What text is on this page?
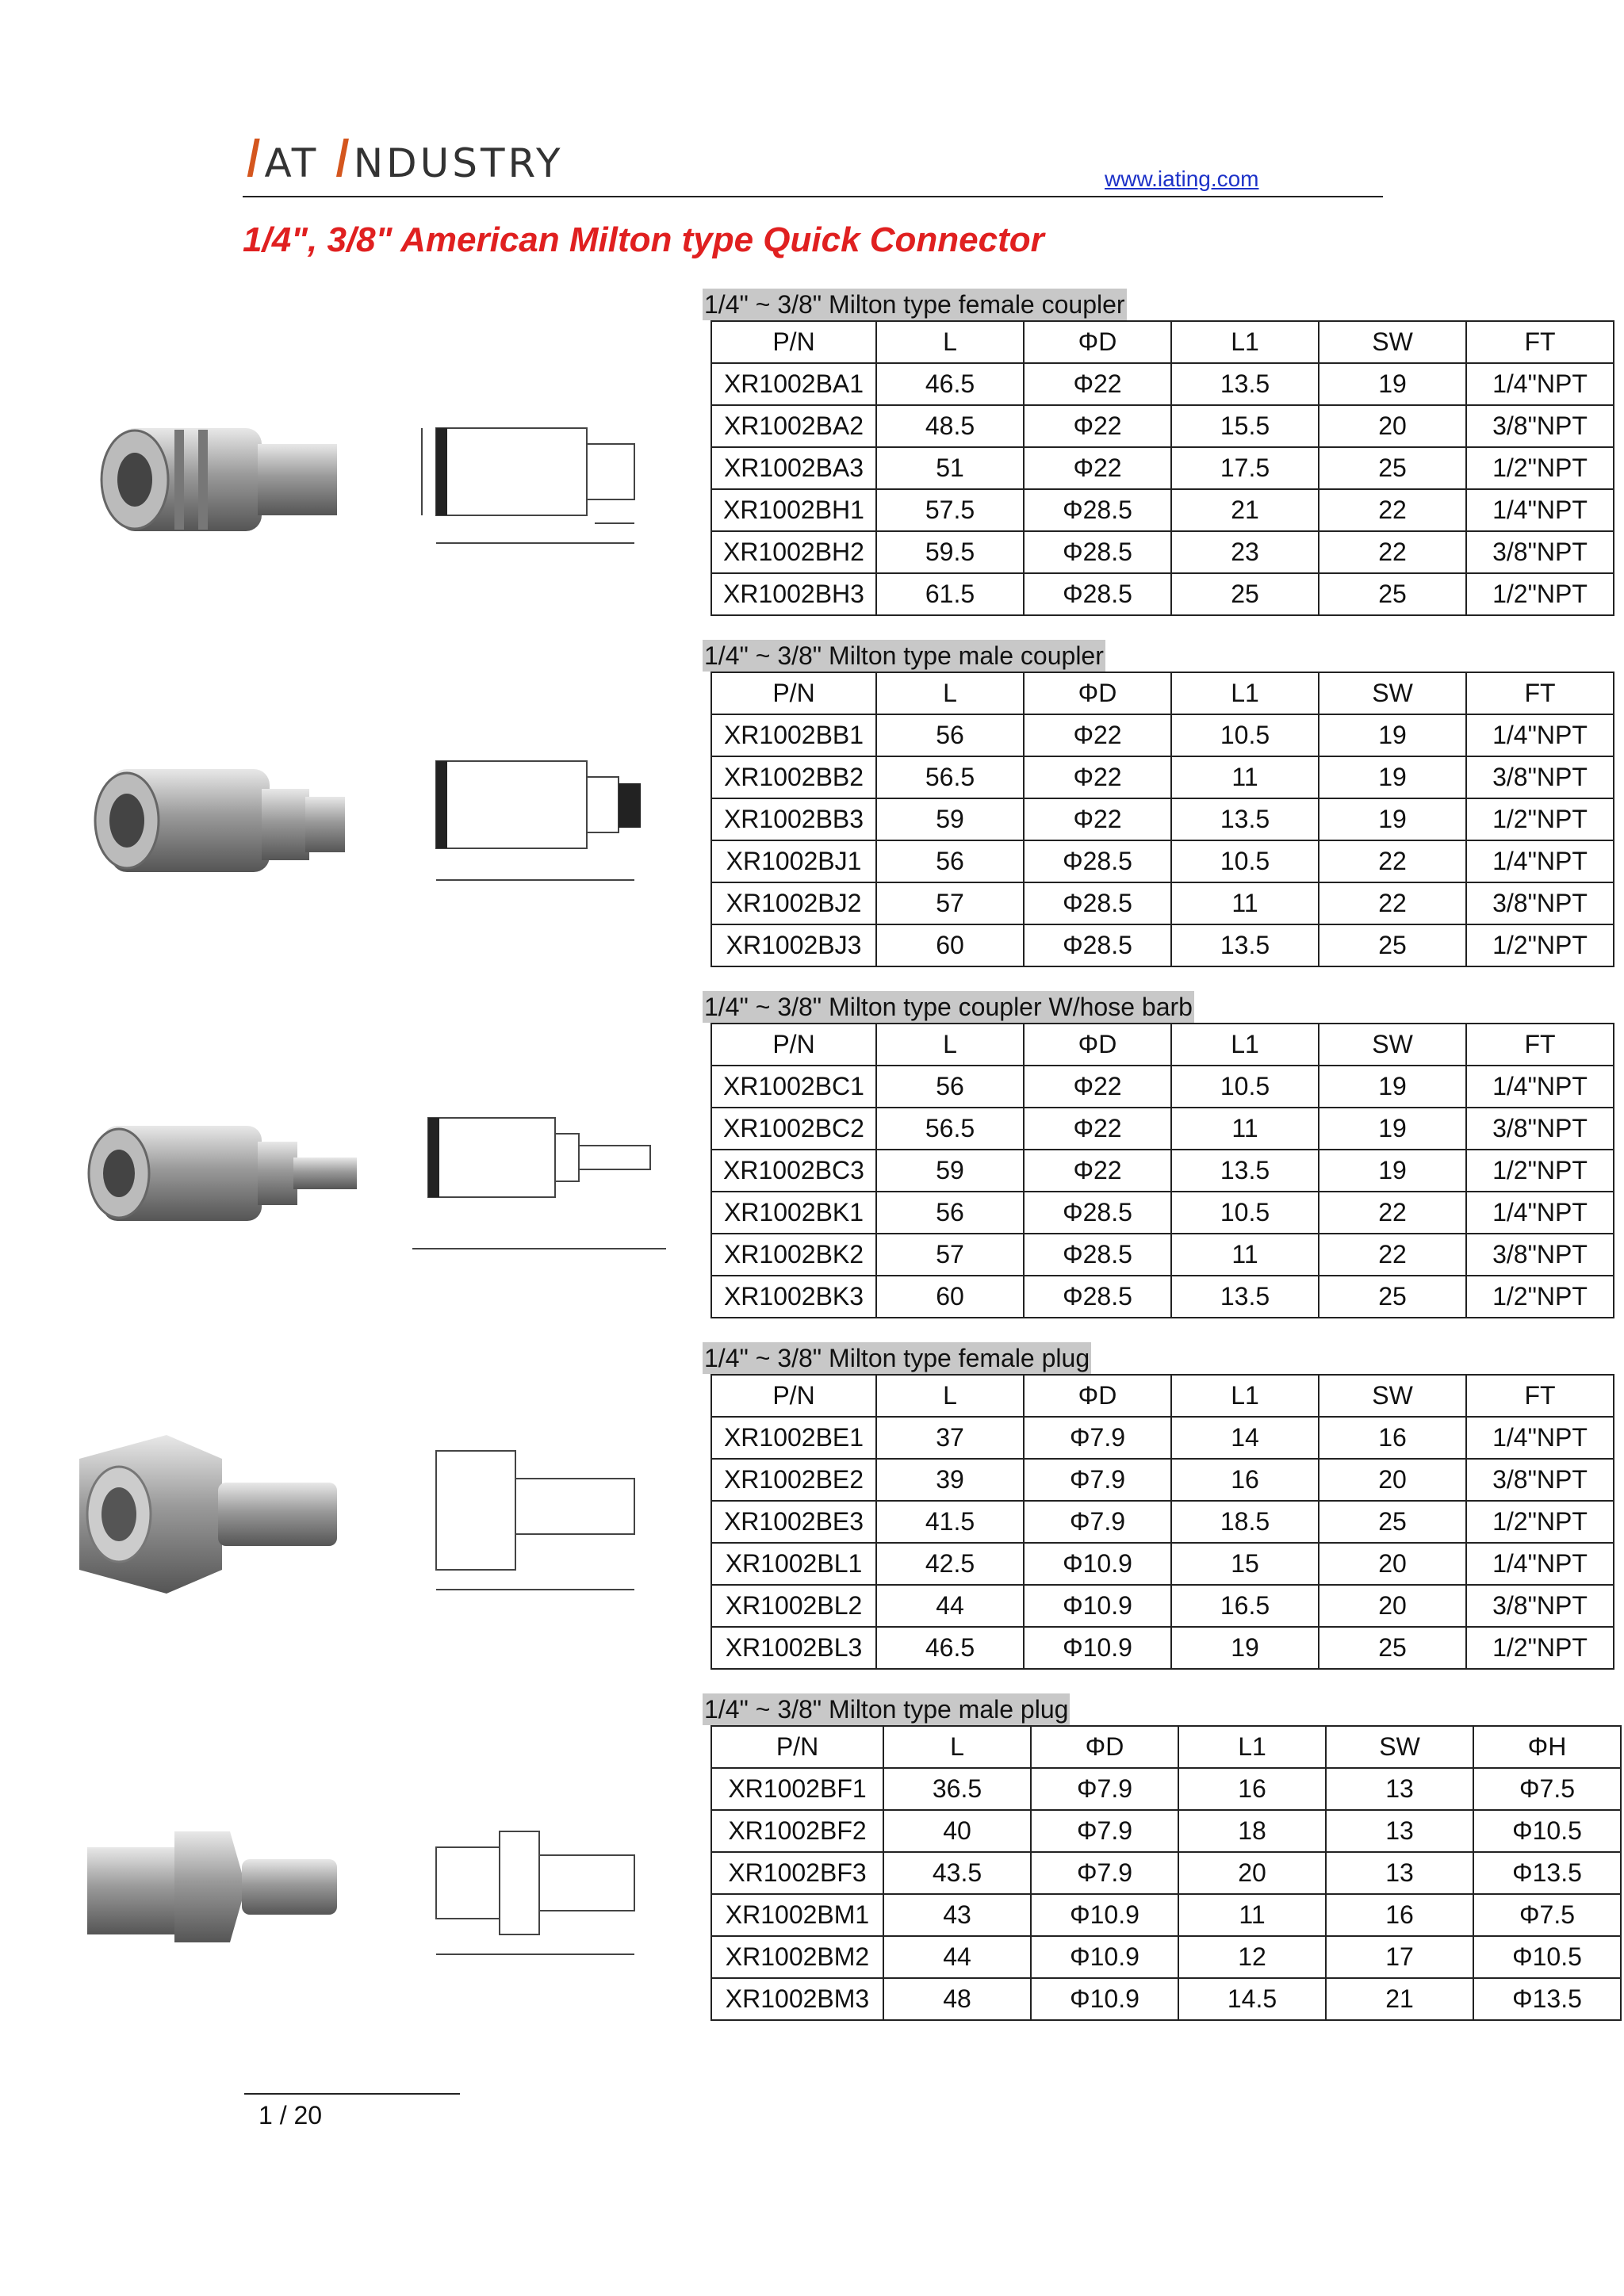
IAT INDUSTRY	www.iating.com
1/4", 3/8" American Milton type Quick Connector
1/4" ~ 3/8" Milton type female coupler
P/N	L	ΦD	L1	SW	FT
XR1002BA1	46.5	Φ22	13.5	19	1/4"NPT
XR1002BA2	48.5	Φ22	15.5	20	3/8"NPT
XR1002BA3	51	Φ22	17.5	25	1/2"NPT
XR1002BH1	57.5	Φ28.5	21	22	1/4"NPT
XR1002BH2	59.5	Φ28.5	23	22	3/8"NPT
XR1002BH3	61.5	Φ28.5	25	25	1/2"NPT
1/4" ~ 3/8" Milton type male coupler
P/N	L	ΦD	L1	SW	FT
XR1002BB1	56	Φ22	10.5	19	1/4"NPT
XR1002BB2	56.5	Φ22	11	19	3/8"NPT
XR1002BB3	59	Φ22	13.5	19	1/2"NPT
XR1002BJ1	56	Φ28.5	10.5	22	1/4"NPT
XR1002BJ2	57	Φ28.5	11	22	3/8"NPT
XR1002BJ3	60	Φ28.5	13.5	25	1/2"NPT
1/4" ~ 3/8" Milton type coupler W/hose barb
P/N	L	ΦD	L1	SW	FT
XR1002BC1	56	Φ22	10.5	19	1/4"NPT
XR1002BC2	56.5	Φ22	11	19	3/8"NPT
XR1002BC3	59	Φ22	13.5	19	1/2"NPT
XR1002BK1	56	Φ28.5	10.5	22	1/4"NPT
XR1002BK2	57	Φ28.5	11	22	3/8"NPT
XR1002BK3	60	Φ28.5	13.5	25	1/2"NPT
1/4" ~ 3/8" Milton type female plug
P/N	L	ΦD	L1	SW	FT
XR1002BE1	37	Φ7.9	14	16	1/4"NPT
XR1002BE2	39	Φ7.9	16	20	3/8"NPT
XR1002BE3	41.5	Φ7.9	18.5	25	1/2"NPT
XR1002BL1	42.5	Φ10.9	15	20	1/4"NPT
XR1002BL2	44	Φ10.9	16.5	20	3/8"NPT
XR1002BL3	46.5	Φ10.9	19	25	1/2"NPT
1/4" ~ 3/8" Milton type male plug
P/N	L	ΦD	L1	SW	ΦH
XR1002BF1	36.5	Φ7.9	16	13	Φ7.5
XR1002BF2	40	Φ7.9	18	13	Φ10.5
XR1002BF3	43.5	Φ7.9	20	13	Φ13.5
XR1002BM1	43	Φ10.9	11	16	Φ7.5
XR1002BM2	44	Φ10.9	12	17	Φ10.5
XR1002BM3	48	Φ10.9	14.5	21	Φ13.5
1 / 20
